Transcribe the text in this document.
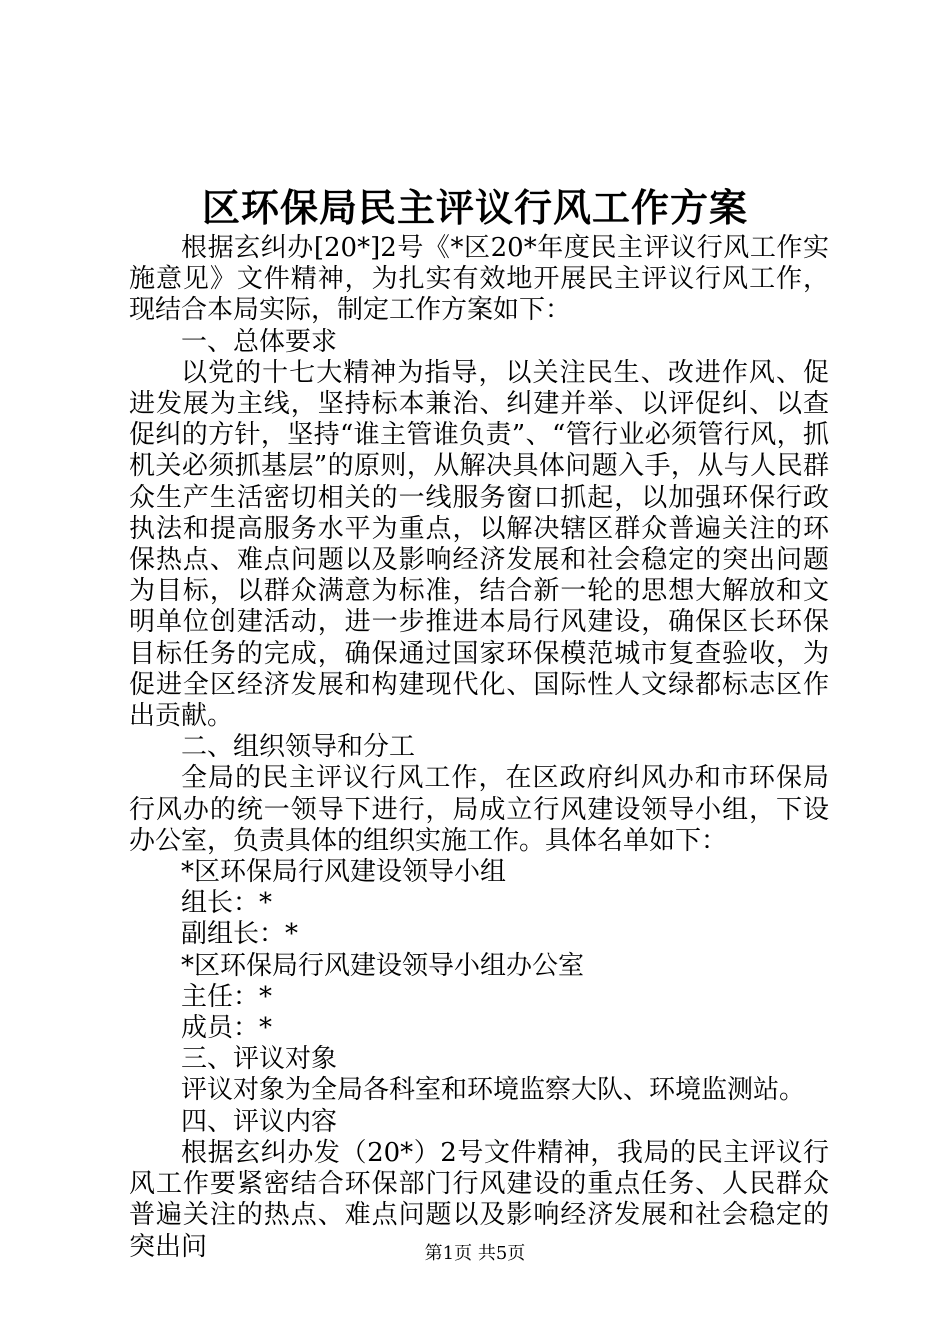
区环保局民主评议行风工作方案

根据玄纠办[20*]2号《*区20*年度民主评议行风工作实施意见》文件精神，为扎实有效地开展民主评议行风工作，现结合本局实际，制定工作方案如下：

一、总体要求

以党的十七大精神为指导，以关注民生、改进作风、促进发展为主线，坚持标本兼治、纠建并举、以评促纠、以查促纠的方针，坚持“谁主管谁负责”、“管行业必须管行风，抓机关必须抓基层”的原则，从解决具体问题入手，从与人民群众生产生活密切相关的一线服务窗口抓起，以加强环保行政执法和提高服务水平为重点，以解决辖区群众普遍关注的环保热点、难点问题以及影响经济发展和社会稳定的突出问题为目标，以群众满意为标准，结合新一轮的思想大解放和文明单位创建活动，进一步推进本局行风建设，确保区长环保目标任务的完成，确保通过国家环保模范城市复查验收，为促进全区经济发展和构建现代化、国际性人文绿都标志区作出贡献。

二、组织领导和分工

全局的民主评议行风工作，在区政府纠风办和市环保局行风办的统一领导下进行，局成立行风建设领导小组，下设办公室，负责具体的组织实施工作。具体名单如下：

*区环保局行风建设领导小组

组长：*

副组长：*

*区环保局行风建设领导小组办公室

主任：*

成员：*

三、评议对象

评议对象为全局各科室和环境监察大队、环境监测站。

四、评议内容

根据玄纠办发（20*）2号文件精神，我局的民主评议行风工作要紧密结合环保部门行风建设的重点任务、人民群众普遍关注的热点、难点问题以及影响经济发展和社会稳定的突出问	第1页 共5页
